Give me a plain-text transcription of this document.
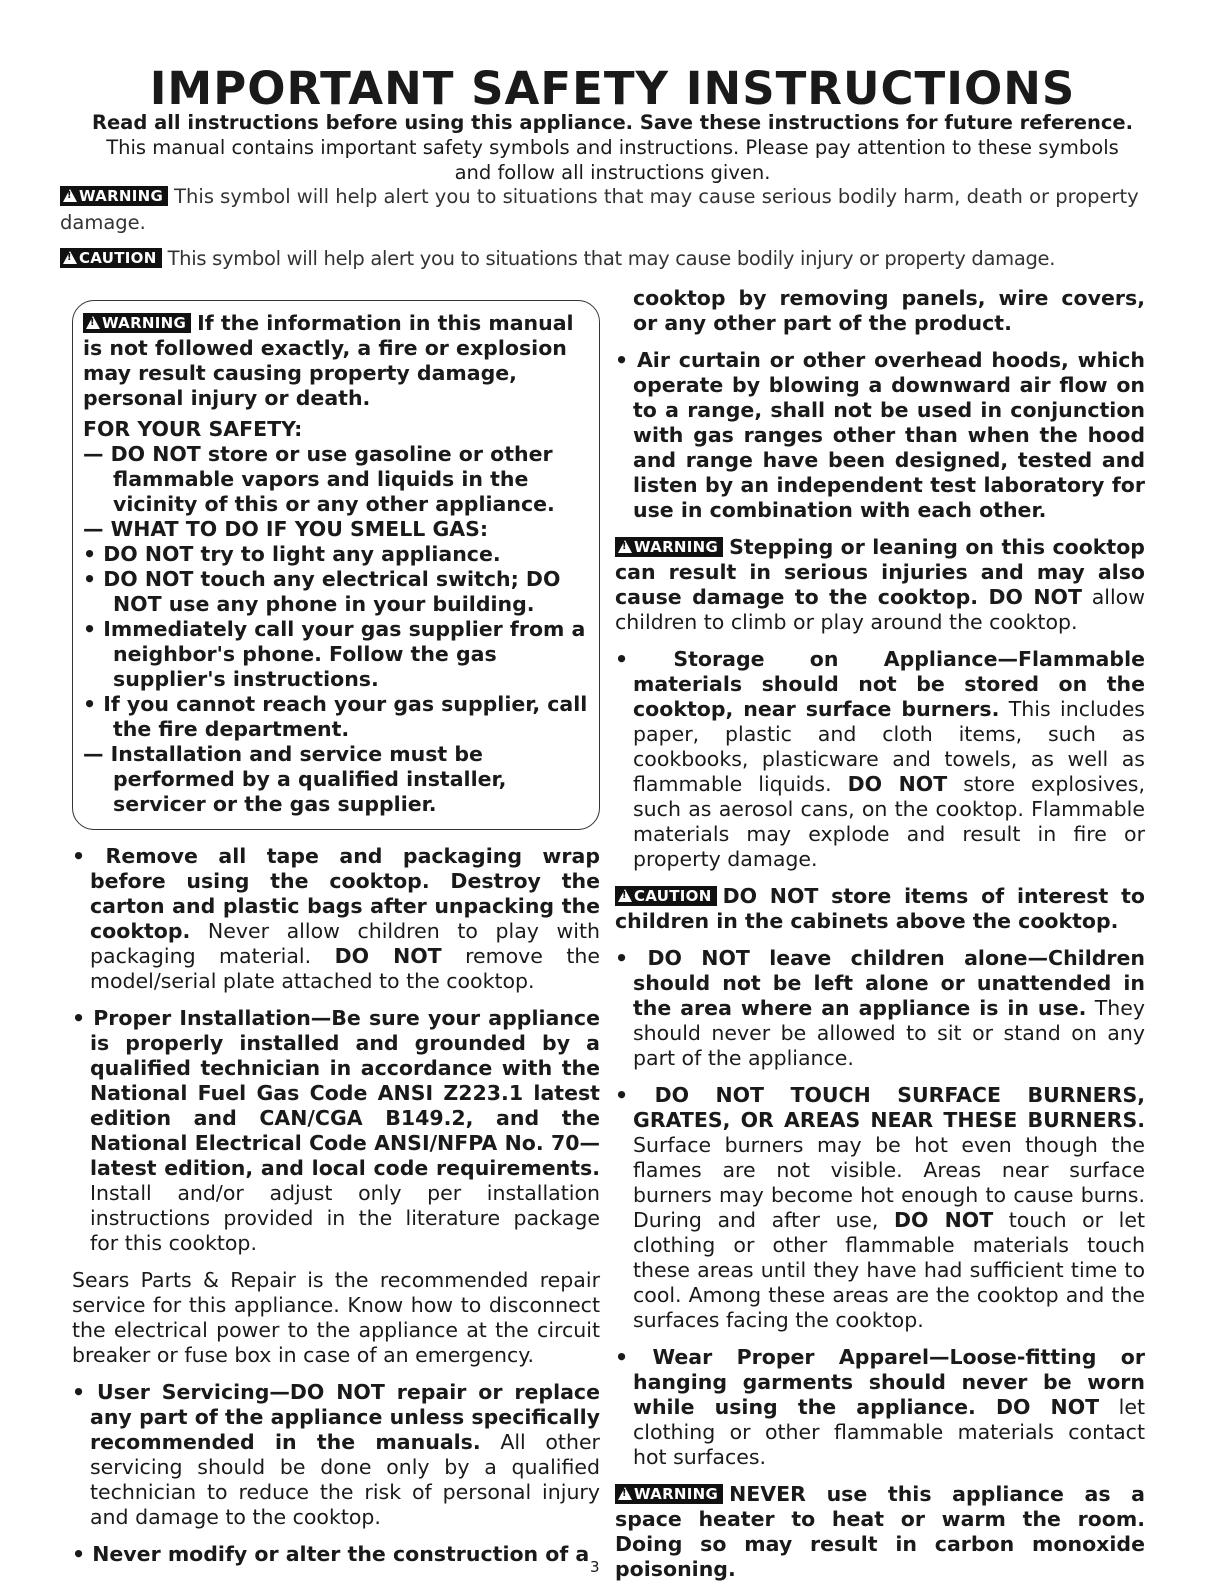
IMPORTANT SAFETY INSTRUCTIONS
Read all instructions before using this appliance. Save these instructions for future reference.
This manual contains important safety symbols and instructions. Please pay attention to these symbols and follow all instructions given.
!WARNING This symbol will help alert you to situations that may cause serious bodily harm, death or property damage.
!CAUTION This symbol will help alert you to situations that may cause bodily injury or property damage.

!WARNING If the information in this manual is not followed exactly, a fire or explosion may result causing property damage, personal injury or death.

FOR YOUR SAFETY:

— DO NOT store or use gasoline or other flammable vapors and liquids in the vicinity of this or any other appliance.

— WHAT TO DO IF YOU SMELL GAS:

• DO NOT try to light any appliance.

• DO NOT touch any electrical switch; DO NOT use any phone in your building.

• Immediately call your gas supplier from a neighbor's phone. Follow the gas supplier's instructions.

• If you cannot reach your gas supplier, call the fire department.

— Installation and service must be performed by a qualified installer, servicer or the gas supplier.

• Remove all tape and packaging wrap before using the cooktop. Destroy the carton and plastic bags after unpacking the cooktop. Never allow children to play with packaging material. DO NOT remove the model/serial plate attached to the cooktop.

• Proper Installation—Be sure your appliance is properly installed and grounded by a qualified technician in accordance with the National Fuel Gas Code ANSI Z223.1 latest edition and CAN/CGA B149.2, and the National Electrical Code ANSI/NFPA No. 70—latest edition, and local code requirements. Install and/or adjust only per installation instructions provided in the literature package for this cooktop.

Sears Parts & Repair is the recommended repair service for this appliance. Know how to disconnect the electrical power to the appliance at the circuit breaker or fuse box in case of an emergency.

• User Servicing—DO NOT repair or replace any part of the appliance unless specifically recommended in the manuals. All other servicing should be done only by a qualified technician to reduce the risk of personal injury and damage to the cooktop.

• Never modify or alter the construction of a

cooktop by removing panels, wire covers, or any other part of the product.

• Air curtain or other overhead hoods, which operate by blowing a downward air flow on to a range, shall not be used in conjunction with gas ranges other than when the hood and range have been designed, tested and listen by an independent test laboratory for use in combination with each other.

!WARNING Stepping or leaning on this cooktop can result in serious injuries and may also cause damage to the cooktop. DO NOT allow children to climb or play around the cooktop.

• Storage on Appliance—Flammable materials should not be stored on the cooktop, near surface burners. This includes paper, plastic and cloth items, such as cookbooks, plasticware and towels, as well as flammable liquids. DO NOT store explosives, such as aerosol cans, on the cooktop. Flammable materials may explode and result in fire or property damage.

!CAUTION DO NOT store items of interest to children in the cabinets above the cooktop.

• DO NOT leave children alone—Children should not be left alone or unattended in the area where an appliance is in use. They should never be allowed to sit or stand on any part of the appliance.

• DO NOT TOUCH SURFACE BURNERS, GRATES, OR AREAS NEAR THESE BURNERS. Surface burners may be hot even though the flames are not visible. Areas near surface burners may become hot enough to cause burns. During and after use, DO NOT touch or let clothing or other flammable materials touch these areas until they have had sufficient time to cool. Among these areas are the cooktop and the surfaces facing the cooktop.

• Wear Proper Apparel—Loose-fitting or hanging garments should never be worn while using the appliance. DO NOT let clothing or other flammable materials contact hot surfaces.

!WARNING NEVER use this appliance as a space heater to heat or warm the room. Doing so may result in carbon monoxide poisoning.

3
